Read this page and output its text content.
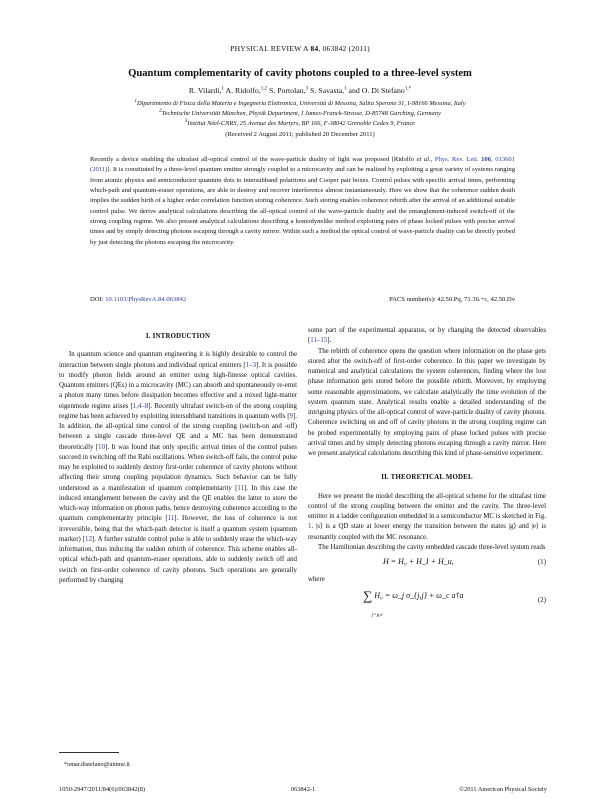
PHYSICAL REVIEW A 84, 063842 (2011)
Quantum complementarity of cavity photons coupled to a three-level system
R. Vilardi,$^1$ A. Ridolfo,$^{1,2}$ S. Portolan,$^3$ S. Savasta,$^1$ and O. Di Stefano$^{1,*}$
$^1$Dipartimento di Fisica della Materia e Ingegneria Elettronica, Università di Messina, Salita Sperone 31, I-98166 Messina, Italy
$^2$Technische Universität München, Physik Department, I James-Franck-Strasse, D-85748 Garching, Germany
$^3$Institut Néel-CNRS, 25 Avenue des Martyrs, BP 166, F-38042 Grenoble Cedex 9, France
(Received 2 August 2011; published 20 December 2011)
Recently a device enabling the ultrafast all-optical control of the wave-particle duality of light was proposed [Ridolfo et al., Phys. Rev. Lett. 106, 013601 (2011)]. It is constituted by a three-level quantum emitter strongly coupled to a microcavity and can be realized by exploiting a great variety of systems ranging from atomic physics and semiconductor quantum dots to intersubband polaritons and Cooper pair boxes. Control pulses with specific arrival times, performing which-path and quantum-eraser operations, are able to destroy and recover interference almost instantaneously. Here we show that the coherence sudden death implies the sudden birth of a higher order correlation function storing coherence. Such storing enables coherence rebirth after the arrival of an additional suitable control pulse. We derive analytical calculations describing the all-optical control of the wave-particle duality and the entanglement-induced switch-off of the strong coupling regime. We also present analytical calculations describing a homodynelike method exploiting pairs of phase locked pulses with precise arrival times and by simply detecting photons escaping through a cavity mirror. Within such a method the optical control of wave-particle duality can be directly probed by just detecting the photons escaping the microcavity.
DOI: 10.1103/PhysRevA.84.063842	PACS number(s): 42.50.Pq, 71.36.+c, 42.50.Dv
I. INTRODUCTION

In quantum science and quantum engineering it is highly desirable to control the interaction between single photons and individual optical emitters [1–3]. It is possible to modify photon fields around an emitter using high-finesse optical cavities. Quantum emitters (QEs) in a microcavity (MC) can absorb and spontaneously re-emit a photon many times before dissipation becomes effective and a mixed light-matter eigenmode regime arises [1,4–8]. Recently ultrafast switch-on of the strong coupling regime has been achieved by exploiting intersubband transitions in quantum wells [9]. In addition, the all-optical time control of the strong coupling (switch-on and -off) between a single cascade three-level QE and a MC has been demonstrated theoretically [10]. It was found that only specific arrival times of the control pulses succeed in switching off the Rabi oscillations. When switch-off fails, the control pulse may be exploited to suddenly destroy first-order coherence of cavity photons without affecting their strong coupling population dynamics. Such behavior can be fully understood as a manifestation of quantum complementarity [11]. In this case the induced entanglement between the cavity and the QE enables the latter to store the which-way information on photon paths, hence destroying coherence according to the quantum complementarity principle [11]. However, the loss of coherence is not irreversible, being that the which-path detector is itself a quantum system (quantum marker) [12]. A further suitable control pulse is able to suddenly erase the which-way information, thus inducing the sudden rebirth of coherence. This scheme enables all-optical which-path and quantum-eraser operations, able to suddenly switch off and switch on first-order coherence of cavity photons. Such operations are generally performed by changing

some part of the experimental apparatus, or by changing the detected observables [11–15].

The rebirth of coherence opens the question where information on the phase gets stored after the switch-off of first-order coherence. In this paper we investigate by numerical and analytical calculations the system coherences, finding where the lost phase information gets stored before the possible rebirth. Moreover, by employing some reasonable approximations, we calculate analytically the time evolution of the system quantum state. Analytical results enable a detailed understanding of the intriguing physics of the all-optical control of wave-particle duality of cavity photons. Coherence switching on and off of cavity photons in the strong coupling regime can be probed experimentally by employing pairs of phase locked pulses with precise arrival times and by simply detecting photons escaping through a cavity mirror. Here we present analytical calculations describing this kind of phase-sensitive experiment.

II. THEORETICAL MODEL

Here we present the model describing the all-optical scheme for the ultrafast time control of the strong coupling between the emitter and the cavity. The three-level emitter in a ladder configuration embedded in a semiconductor MC is sketched in Fig. 1. |s⟩ is a QD state at lower energy the transition between the states |g⟩ and |e⟩ is resonantly coupled with the MC resonance.

The Hamiltonian describing the cavity embedded cascade three-level system reads

H = H₀ + H_I + H_u,	(1)

where

∑ H₀ = ω_j σ_{j,j} + ω_c a†a
j=g,e
(2)
*omar.distefano@unime.it
1050-2947/2011/84(6)/063842(8)	063842-1	©2011 American Physical Society
